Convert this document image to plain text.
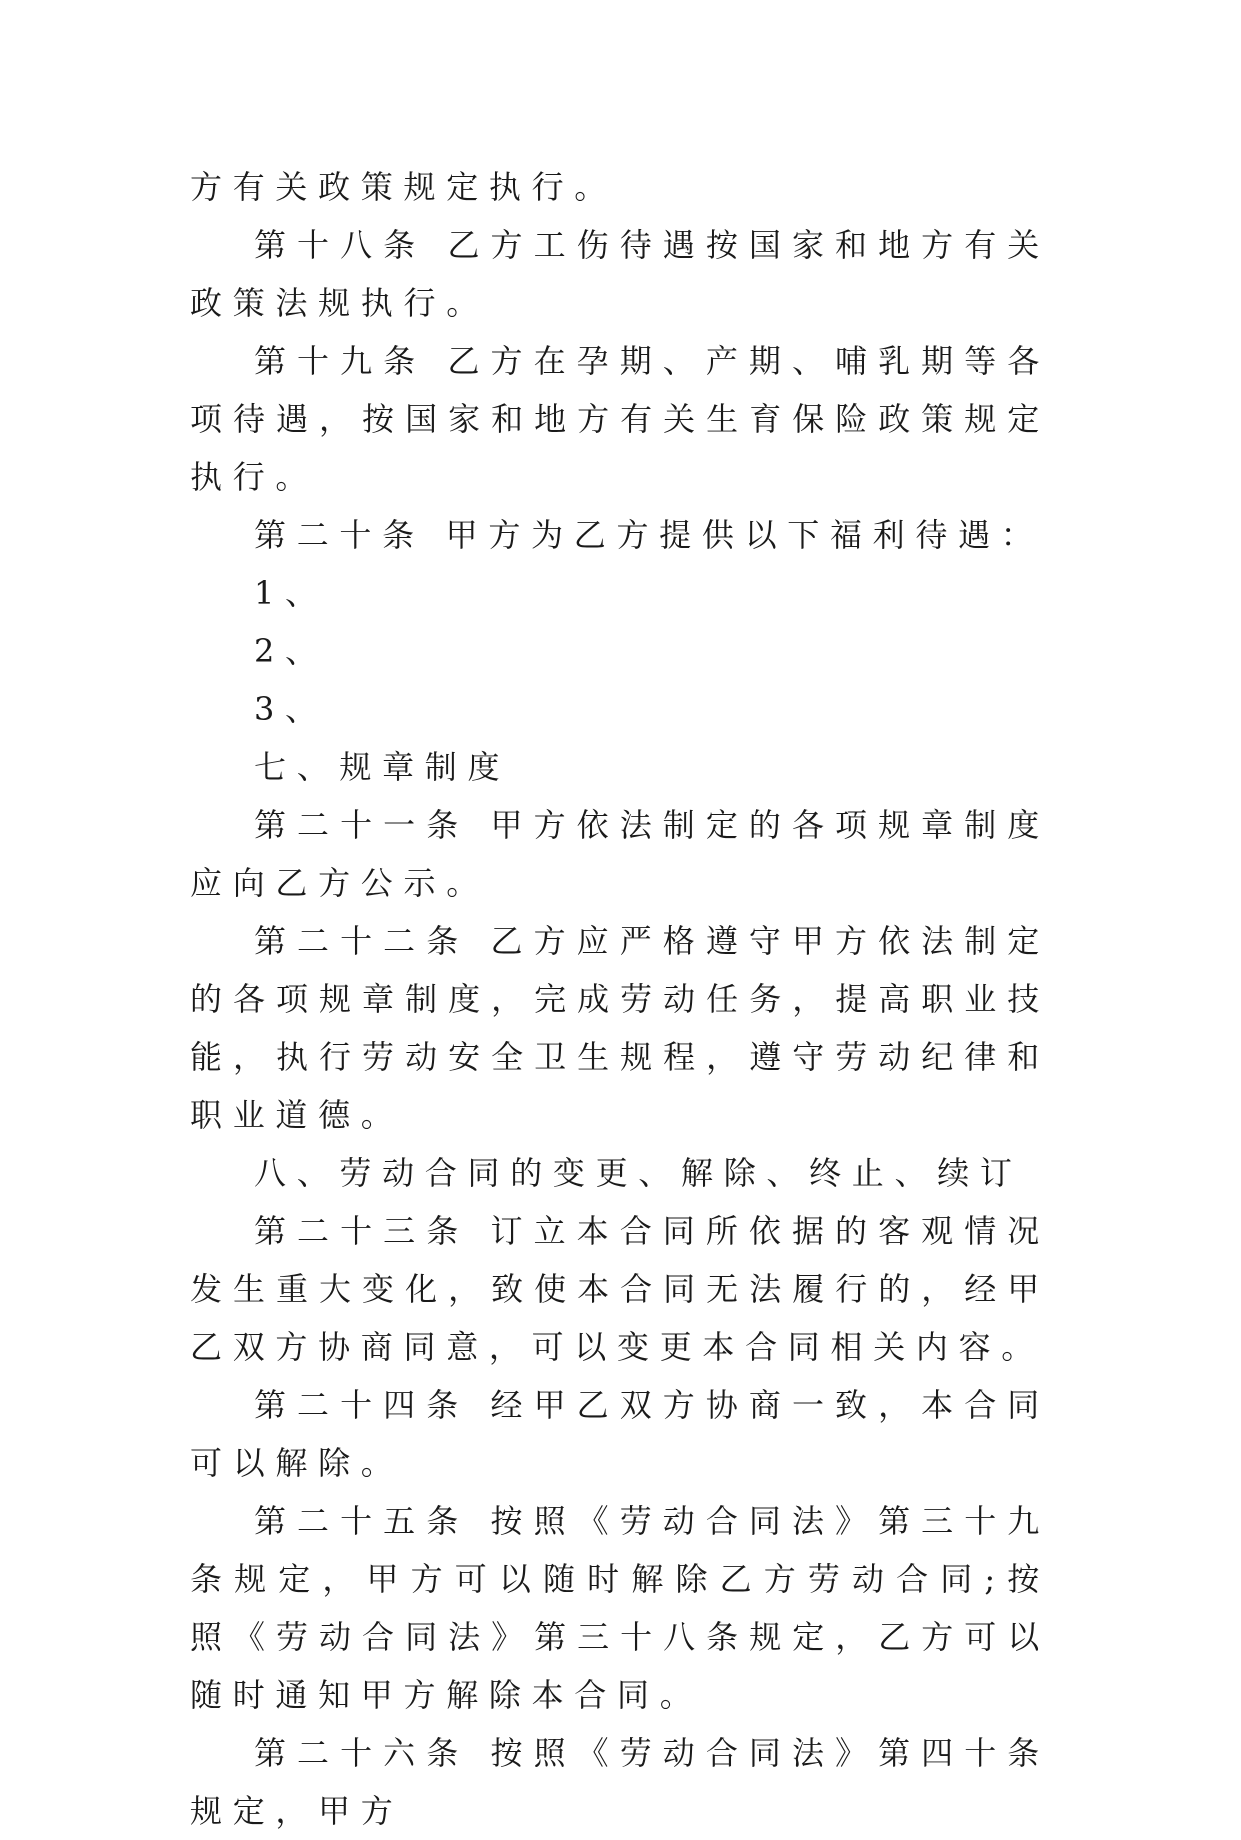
方有关政策规定执行。

第十八条 乙方工伤待遇按国家和地方有关政策法规执行。

第十九条 乙方在孕期、产期、哺乳期等各项待遇，按国家和地方有关生育保险政策规定执行。

第二十条 甲方为乙方提供以下福利待遇：

1、

2、

3、

七、规章制度

第二十一条 甲方依法制定的各项规章制度应向乙方公示。

第二十二条 乙方应严格遵守甲方依法制定的各项规章制度，完成劳动任务，提高职业技能，执行劳动安全卫生规程，遵守劳动纪律和职业道德。

八、劳动合同的变更、解除、终止、续订

第二十三条 订立本合同所依据的客观情况发生重大变化，致使本合同无法履行的，经甲乙双方协商同意，可以变更本合同相关内容。

第二十四条 经甲乙双方协商一致，本合同可以解除。

第二十五条 按照《劳动合同法》第三十九条规定，甲方可以随时解除乙方劳动合同;按照《劳动合同法》第三十八条规定，乙方可以随时通知甲方解除本合同。

第二十六条 按照《劳动合同法》第四十条规定，甲方
